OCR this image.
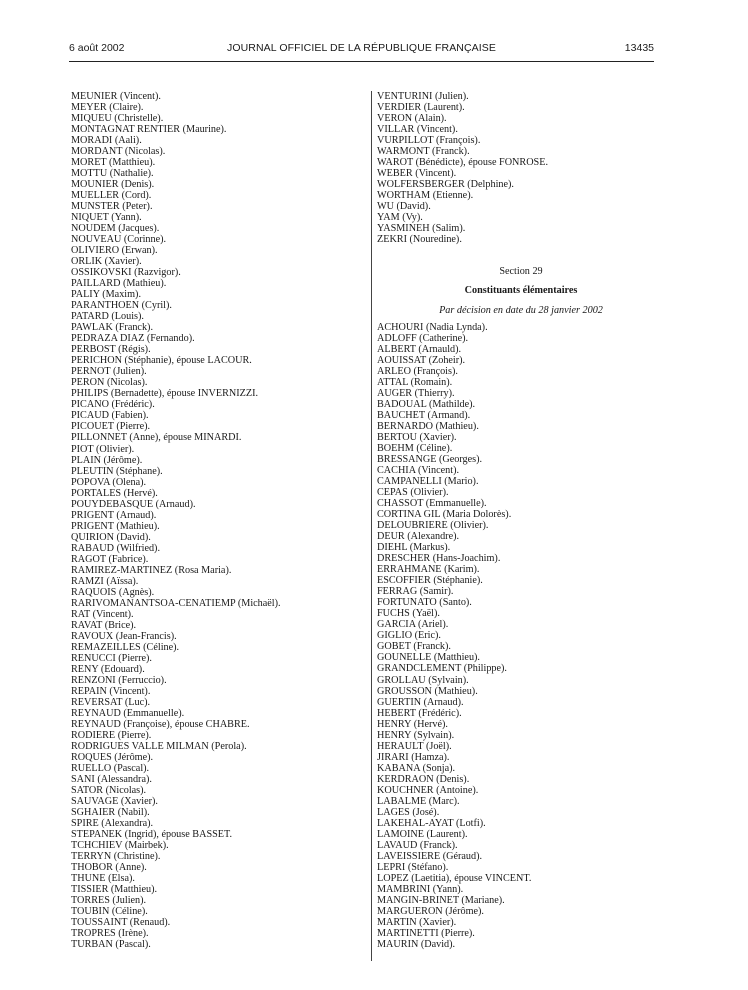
6 août 2002	JOURNAL OFFICIEL DE LA RÉPUBLIQUE FRANÇAISE	13435
MEUNIER (Vincent).
MEYER (Claire).
MIQUEU (Christelle).
MONTAGNAT RENTIER (Maurine).
MORADI (Aali).
MORDANT (Nicolas).
MORET (Matthieu).
MOTTU (Nathalie).
MOUNIER (Denis).
MUELLER (Cord).
MUNSTER (Peter).
NIQUET (Yann).
NOUDEM (Jacques).
NOUVEAU (Corinne).
OLIVIERO (Erwan).
ORLIK (Xavier).
OSSIKOVSKI (Razvigor).
PAILLARD (Mathieu).
PALIY (Maxim).
PARANTHOEN (Cyril).
PATARD (Louis).
PAWLAK (Franck).
PEDRAZA DIAZ (Fernando).
PERBOST (Régis).
PERICHON (Stéphanie), épouse LACOUR.
PERNOT (Julien).
PERON (Nicolas).
PHILIPS (Bernadette), épouse INVERNIZZI.
PICANO (Frédéric).
PICAUD (Fabien).
PICOUET (Pierre).
PILLONNET (Anne), épouse MINARDI.
PIOT (Olivier).
PLAIN (Jérôme).
PLEUTIN (Stéphane).
POPOVA (Olena).
PORTALES (Hervé).
POUYDEBASQUE (Arnaud).
PRIGENT (Arnaud).
PRIGENT (Mathieu).
QUIRION (David).
RABAUD (Wilfried).
RAGOT (Fabrice).
RAMIREZ-MARTINEZ (Rosa Maria).
RAMZI (Aïssa).
RAQUOIS (Agnès).
RARIVOMANANTSOA-CENATIEMP (Michaël).
RAT (Vincent).
RAVAT (Brice).
RAVOUX (Jean-Francis).
REMAZEILLES (Céline).
RENUCCI (Pierre).
RENY (Edouard).
RENZONI (Ferruccio).
REPAIN (Vincent).
REVERSAT (Luc).
REYNAUD (Emmanuelle).
REYNAUD (Françoise), épouse CHABRE.
RODIERE (Pierre).
RODRIGUES VALLE MILMAN (Perola).
ROQUES (Jérôme).
RUELLO (Pascal).
SANI (Alessandra).
SATOR (Nicolas).
SAUVAGE (Xavier).
SGHAIER (Nabil).
SPIRE (Alexandra).
STEPANEK (Ingrid), épouse BASSET.
TCHCHIEV (Mairbek).
TERRYN (Christine).
THOBOR (Anne).
THUNE (Elsa).
TISSIER (Matthieu).
TORRES (Julien).
TOUBIN (Céline).
TOUSSAINT (Renaud).
TROPRES (Irène).
TURBAN (Pascal).
VENTURINI (Julien).
VERDIER (Laurent).
VERON (Alain).
VILLAR (Vincent).
VURPILLOT (François).
WARMONT (Franck).
WAROT (Bénédicte), épouse FONROSE.
WEBER (Vincent).
WOLFERSBERGER (Delphine).
WORTHAM (Etienne).
WU (David).
YAM (Vy).
YASMINEH (Salim).
ZEKRI (Nouredine).
Section 29
Constituants élémentaires
Par décision en date du 28 janvier 2002
ACHOURI (Nadia Lynda).
ADLOFF (Catherine).
ALBERT (Arnauld).
AOUISSAT (Zoheir).
ARLEO (François).
ATTAL (Romain).
AUGER (Thierry).
BADOUAL (Mathilde).
BAUCHET (Armand).
BERNARDO (Mathieu).
BERTOU (Xavier).
BOEHM (Céline).
BRESSANGE (Georges).
CACHIA (Vincent).
CAMPANELLI (Mario).
CEPAS (Olivier).
CHASSOT (Emmanuelle).
CORTINA GIL (Maria Dolorès).
DELOUBRIERE (Olivier).
DEUR (Alexandre).
DIEHL (Markus).
DRESCHER (Hans-Joachim).
ERRAHMANE (Karim).
ESCOFFIER (Stéphanie).
FERRAG (Samir).
FORTUNATO (Santo).
FUCHS (Yaël).
GARCIA (Ariel).
GIGLIO (Eric).
GOBET (Franck).
GOUNELLE (Matthieu).
GRANDCLEMENT (Philippe).
GROLLAU (Sylvain).
GROUSSON (Mathieu).
GUERTIN (Arnaud).
HEBERT (Frédéric).
HENRY (Hervé).
HENRY (Sylvain).
HERAULT (Joël).
JIRARI (Hamza).
KABANA (Sonja).
KERDRAON (Denis).
KOUCHNER (Antoine).
LABALME (Marc).
LAGES (José).
LAKEHAL-AYAT (Lotfi).
LAMOINE (Laurent).
LAVAUD (Franck).
LAVEISSIERE (Géraud).
LEPRI (Stéfano).
LOPEZ (Laetitia), épouse VINCENT.
MAMBRINI (Yann).
MANGIN-BRINET (Mariane).
MARGUERON (Jérôme).
MARTIN (Xavier).
MARTINETTI (Pierre).
MAURIN (David).
